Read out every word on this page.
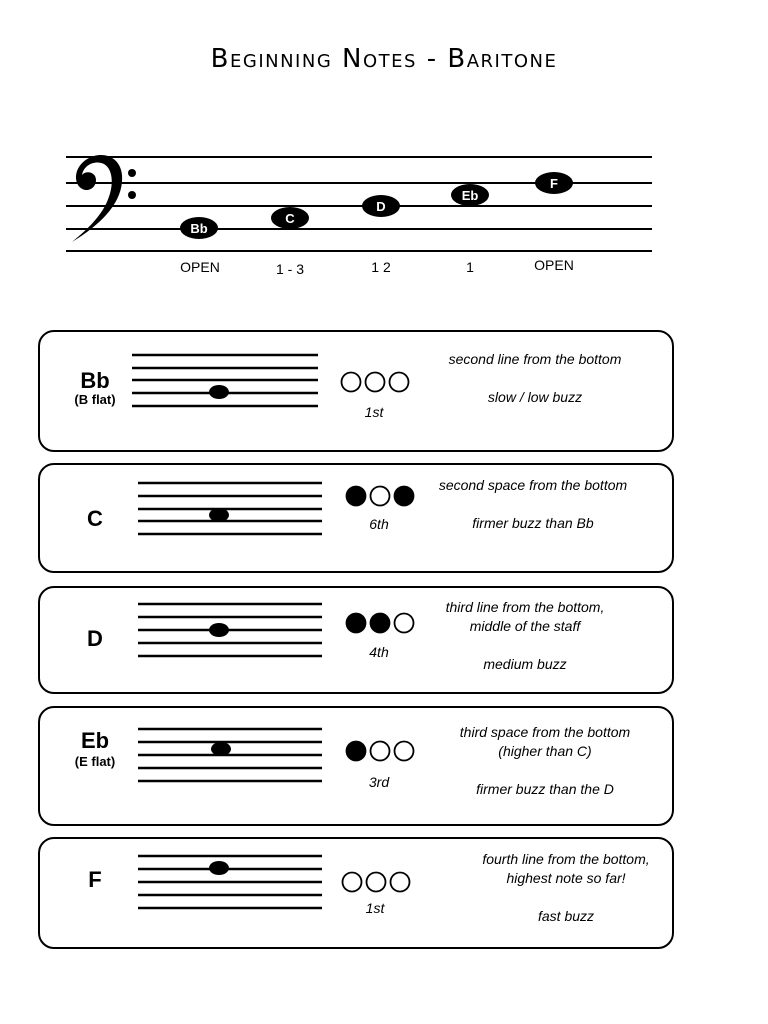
Beginning Notes - Baritone
Bb
C
D
Eb
F
OPEN	1 - 3	1 2	1	OPEN
Bb
(B flat)
1st
second line from the bottom
slow / low buzz
C	6th
second space from the bottom
firmer buzz than Bb
D
4th
third line from the bottom,
middle of the staff
medium buzz
Eb
(E flat)
3rd
third space from the bottom
(higher than C)
firmer buzz than the D
F
1st
fourth line from the bottom,
highest note so far!
fast buzz
